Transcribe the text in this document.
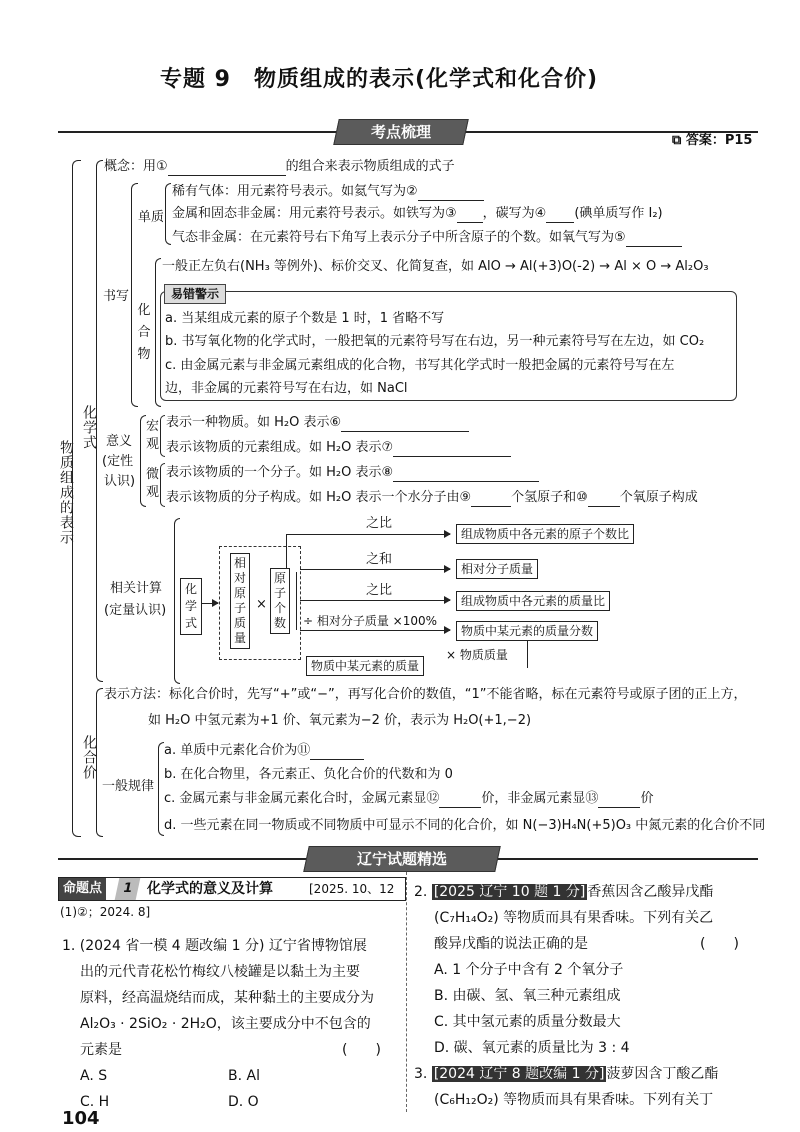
专题 9　物质组成的表示(化学式和化合价)
考点梳理	⧉ 答案：P15
物质组成的表示
化学式
概念：用①	的组合来表示物质组成的式子
书写
单质
稀有气体：用元素符号表示。如氦气写为②
金属和固态非金属：用元素符号表示。如铁写为③ ，碳写为④ (碘单质写作 I₂)
气态非金属：在元素符号右下角写上表示分子中所含原子的个数。如氧气写为⑤
化合物
一般正左负右(NH₃ 等例外)、标价交叉、化简复查，如 AlO → Al(+3)O(-2) → Al ⨯ O → Al₂O₃
易错警示
a. 当某组成元素的原子个数是 1 时，1 省略不写
b. 书写氧化物的化学式时，一般把氧的元素符号写在右边，另一种元素符号写在左边，如 CO₂
c. 由金属元素与非金属元素组成的化合物，书写其化学式时一般把金属的元素符号写在左
边，非金属的元素符号写在右边，如 NaCl
意义
(定性
认识)
宏观
微观
表示一种物质。如 H₂O 表示⑥
表示该物质的元素组成。如 H₂O 表示⑦
表示该物质的一个分子。如 H₂O 表示⑧
表示该物质的分子构成。如 H₂O 表示一个水分子由⑨	个氢原子和⑩ 个氧原子构成
相关计算
(定量认识)
化学式
相对原子质量
×
原子个数
之比
组成物质中各元素的原子个数比
之和
相对分子质量
之比
组成物质中各元素的质量比
÷ 相对分子质量 ×100%
物质中某元素的质量分数
× 物质质量
物质中某元素的质量
化合价
表示方法：标化合价时，先写“+”或“−”，再写化合价的数值，“1”不能省略，标在元素符号或原子团的正上方，
如 H₂O 中氢元素为+1 价、氧元素为−2 价，表示为 H₂O(+1,−2)
一般规律
a. 单质中元素化合价为⑪
b. 在化合物里，各元素正、负化合价的代数和为 0
c. 金属元素与非金属元素化合时，金属元素显⑫	价，非金属元素显⑬	价
d. 一些元素在同一物质或不同物质中可显示不同的化合价，如 N(−3)H₄N(+5)O₃ 中氮元素的化合价不同
辽宁试题精选
命题点	1 化学式的意义及计算	[2025. 10、12
(1)②；2024. 8]
1. (2024 省一模 4 题改编 1 分) 辽宁省博物馆展
出的元代青花松竹梅纹八棱罐是以黏土为主要
原料，经高温烧结而成，某种黏土的主要成分为
Al₂O₃ · 2SiO₂ · 2H₂O，该主要成分中不包含的
元素是	(　　)
A. S	B. Al
C. H	D. O
2. [2025 辽宁 10 题 1 分] 香蕉因含乙酸异戊酯
(C₇H₁₄O₂) 等物质而具有果香味。下列有关乙
酸异戊酯的说法正确的是	(　　)
A. 1 个分子中含有 2 个氧分子
B. 由碳、氢、氧三种元素组成
C. 其中氢元素的质量分数最大
D. 碳、氧元素的质量比为 3 : 4
3. [2024 辽宁 8 题改编 1 分] 菠萝因含丁酸乙酯
(C₆H₁₂O₂) 等物质而具有果香味。下列有关丁
104
